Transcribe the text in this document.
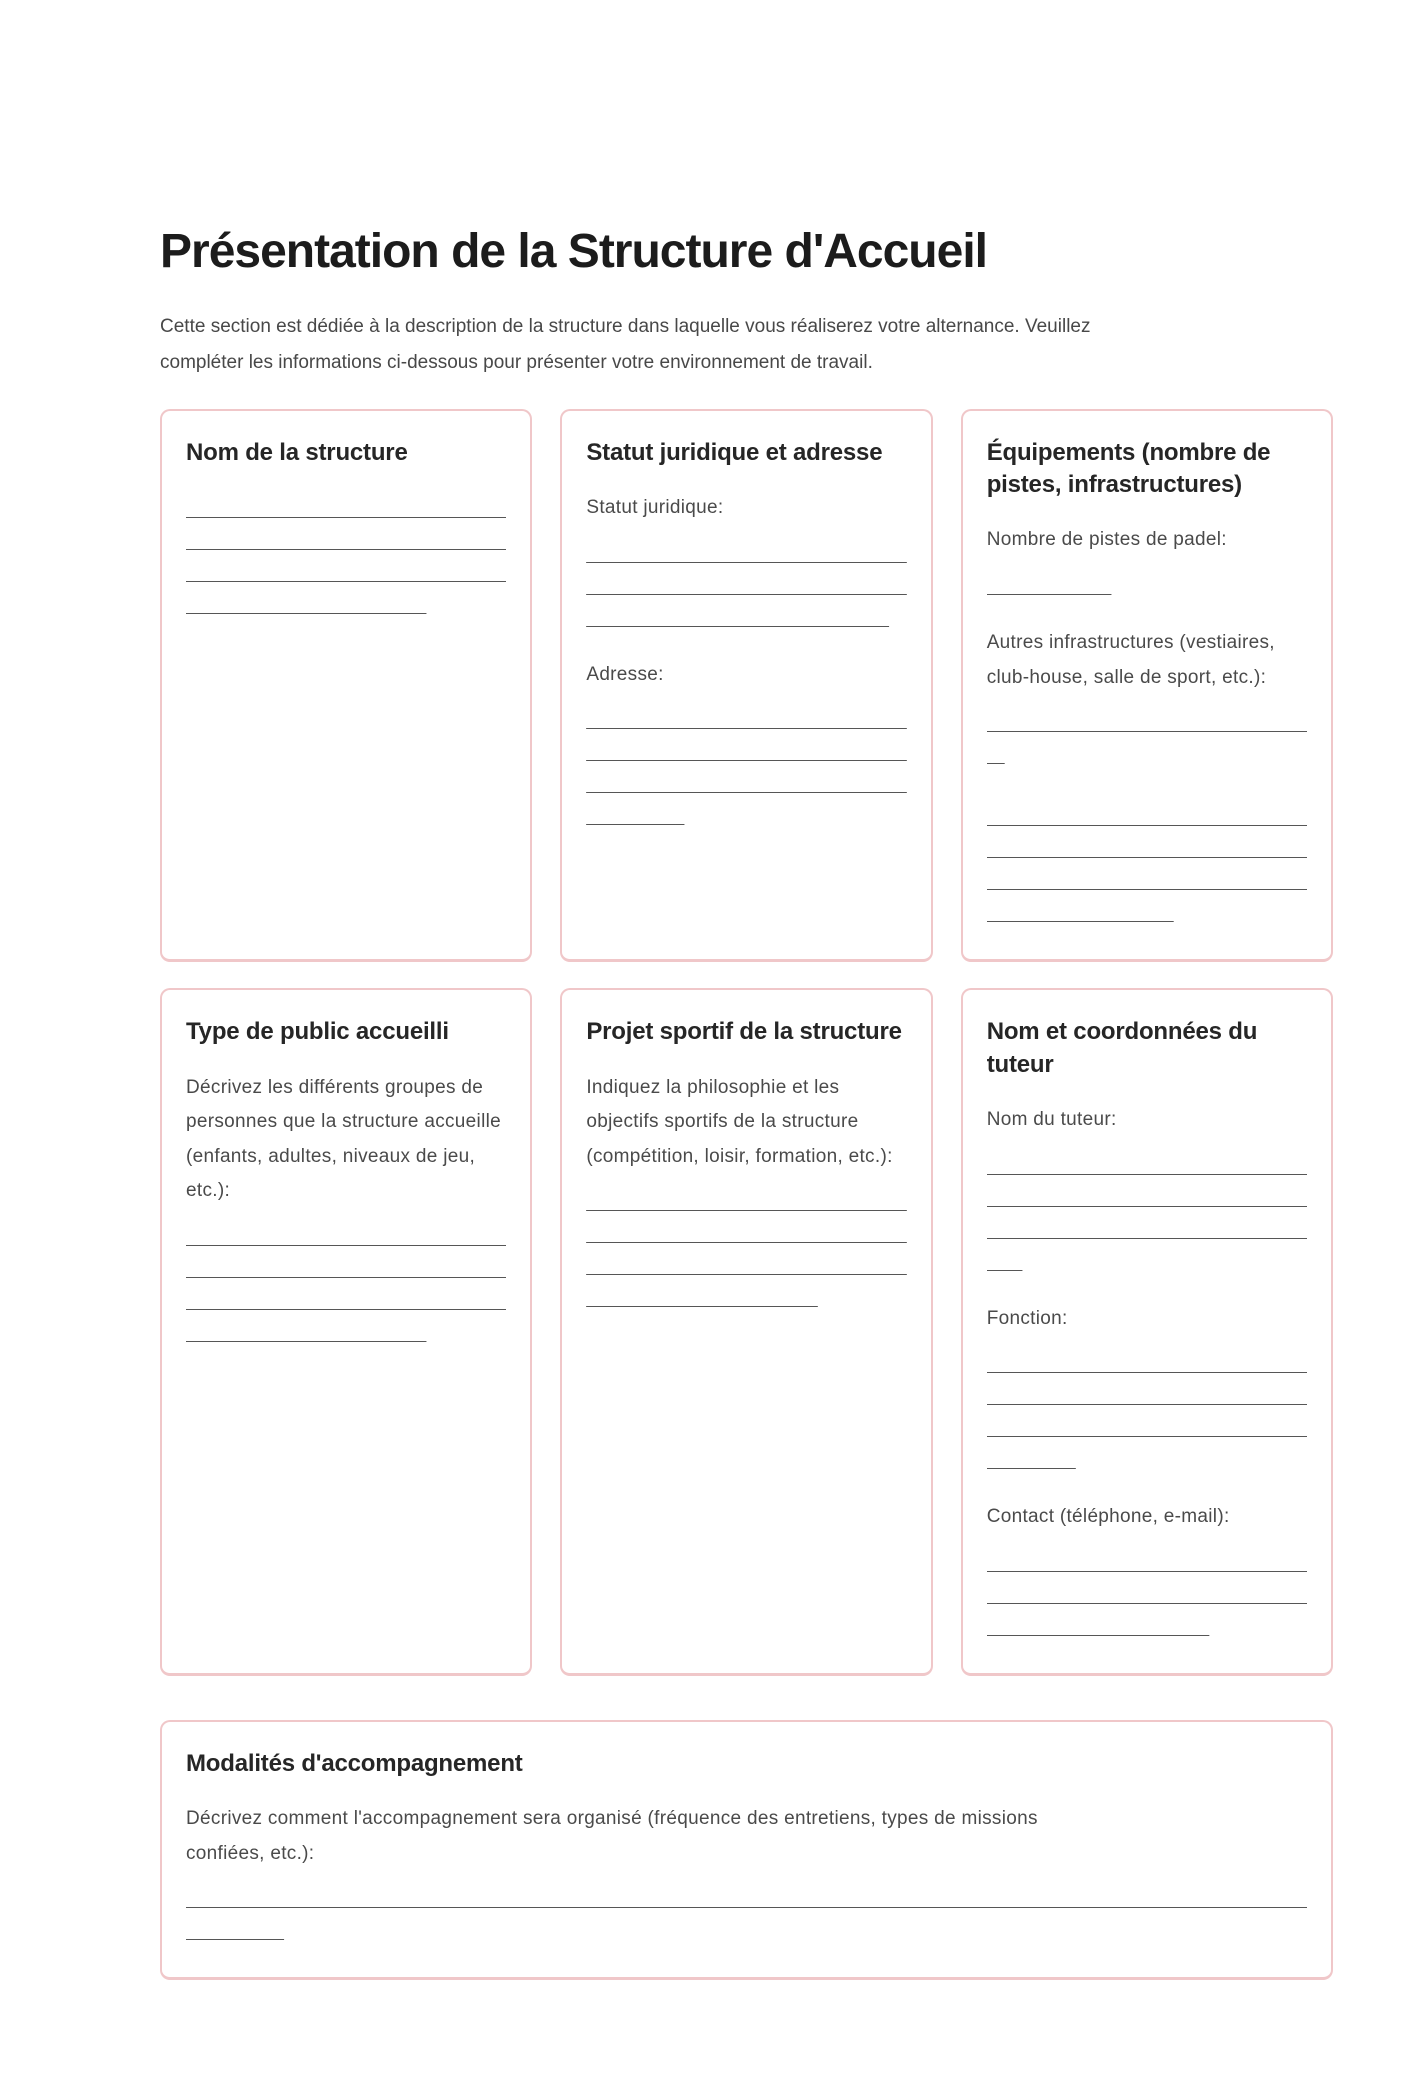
Présentation de la Structure d'Accueil

Cette section est dédiée à la description de la structure dans laquelle vous réaliserez votre alternance. Veuillez compléter les informations ci-dessous pour présenter votre environnement de travail.

Nom de la structure
____________________________________
____________________________________
____________________________________
___________________________
Statut juridique et adresse

Statut juridique:

____________________________________
____________________________________
__________________________________

Adresse:

____________________________________
____________________________________
____________________________________
___________
Équipements (nombre de pistes, infrastructures)

Nombre de pistes de padel:

______________

Autres infrastructures (vestiaires, club-house, salle de sport, etc.):

____________________________________
__
____________________________________
____________________________________
____________________________________
_____________________
Type de public accueilli

Décrivez les différents groupes de personnes que la structure accueille (enfants, adultes, niveaux de jeu, etc.):

____________________________________
____________________________________
____________________________________
___________________________
Projet sportif de la structure

Indiquez la philosophie et les objectifs sportifs de la structure (compétition, loisir, formation, etc.):

____________________________________
____________________________________
____________________________________
__________________________
Nom et coordonnées du tuteur

Nom du tuteur:

____________________________________
____________________________________
____________________________________
____

Fonction:

____________________________________
____________________________________
____________________________________
__________

Contact (téléphone, e-mail):

____________________________________
____________________________________
_________________________
Modalités d'accompagnement

Décrivez comment l'accompagnement sera organisé (fréquence des entretiens, types de missions confiées, etc.):

______________________________________________________________________________________________________________________________
___________
